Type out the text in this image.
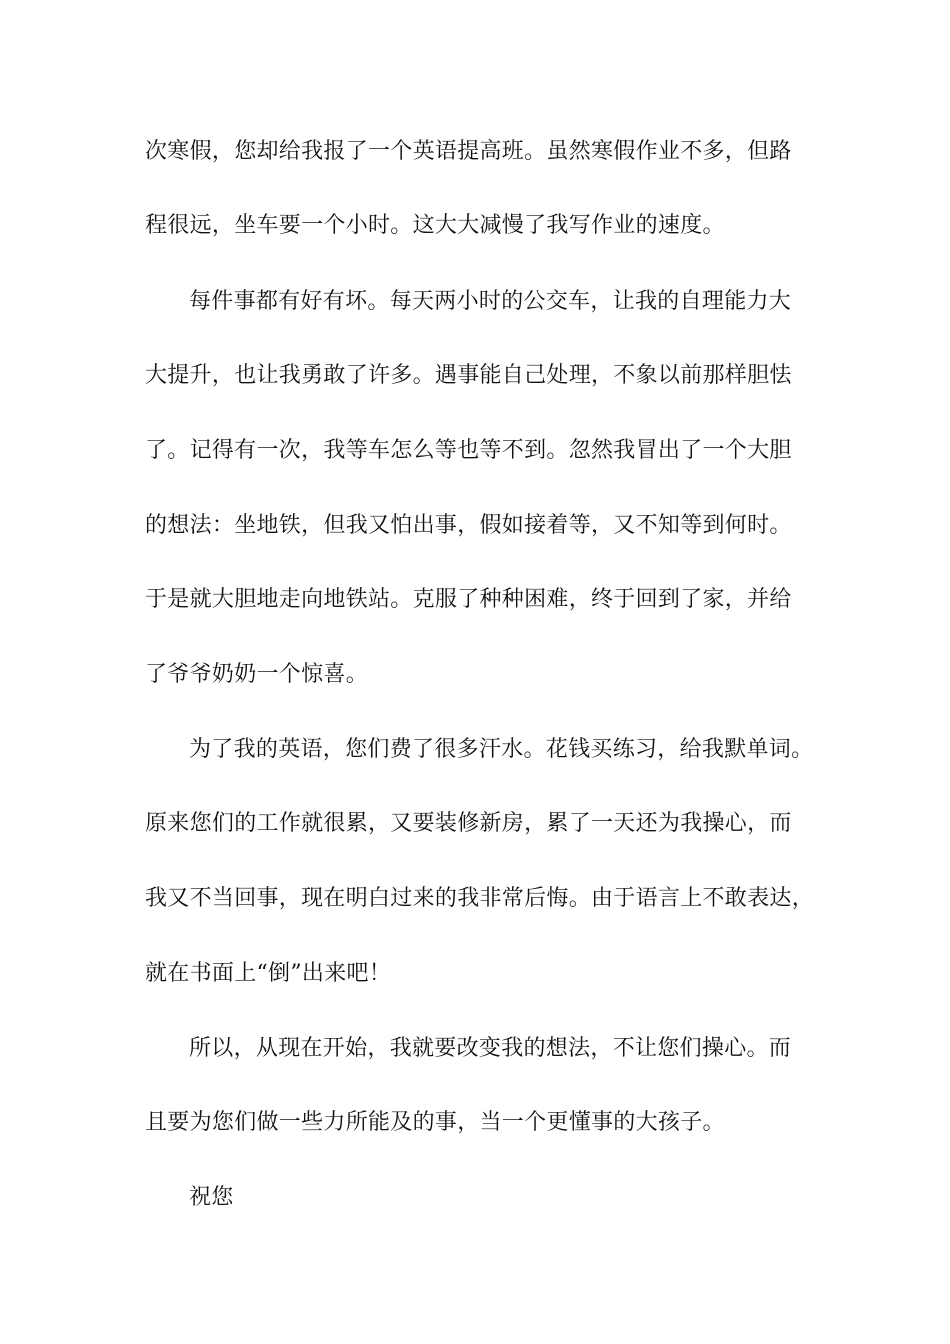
次寒假，您却给我报了一个英语提高班。虽然寒假作业不多，但路
程很远，坐车要一个小时。这大大减慢了我写作业的速度。
每件事都有好有坏。每天两小时的公交车，让我的自理能力大
大提升，也让我勇敢了许多。遇事能自己处理，不象以前那样胆怯
了。记得有一次，我等车怎么等也等不到。忽然我冒出了一个大胆
的想法：坐地铁，但我又怕出事，假如接着等，又不知等到何时。
于是就大胆地走向地铁站。克服了种种困难，终于回到了家，并给
了爷爷奶奶一个惊喜。
为了我的英语，您们费了很多汗水。花钱买练习，给我默单词。
原来您们的工作就很累，又要装修新房，累了一天还为我操心，而
我又不当回事，现在明白过来的我非常后悔。由于语言上不敢表达，
就在书面上“倒”出来吧！
所以，从现在开始，我就要改变我的想法，不让您们操心。而
且要为您们做一些力所能及的事，当一个更懂事的大孩子。
祝您
